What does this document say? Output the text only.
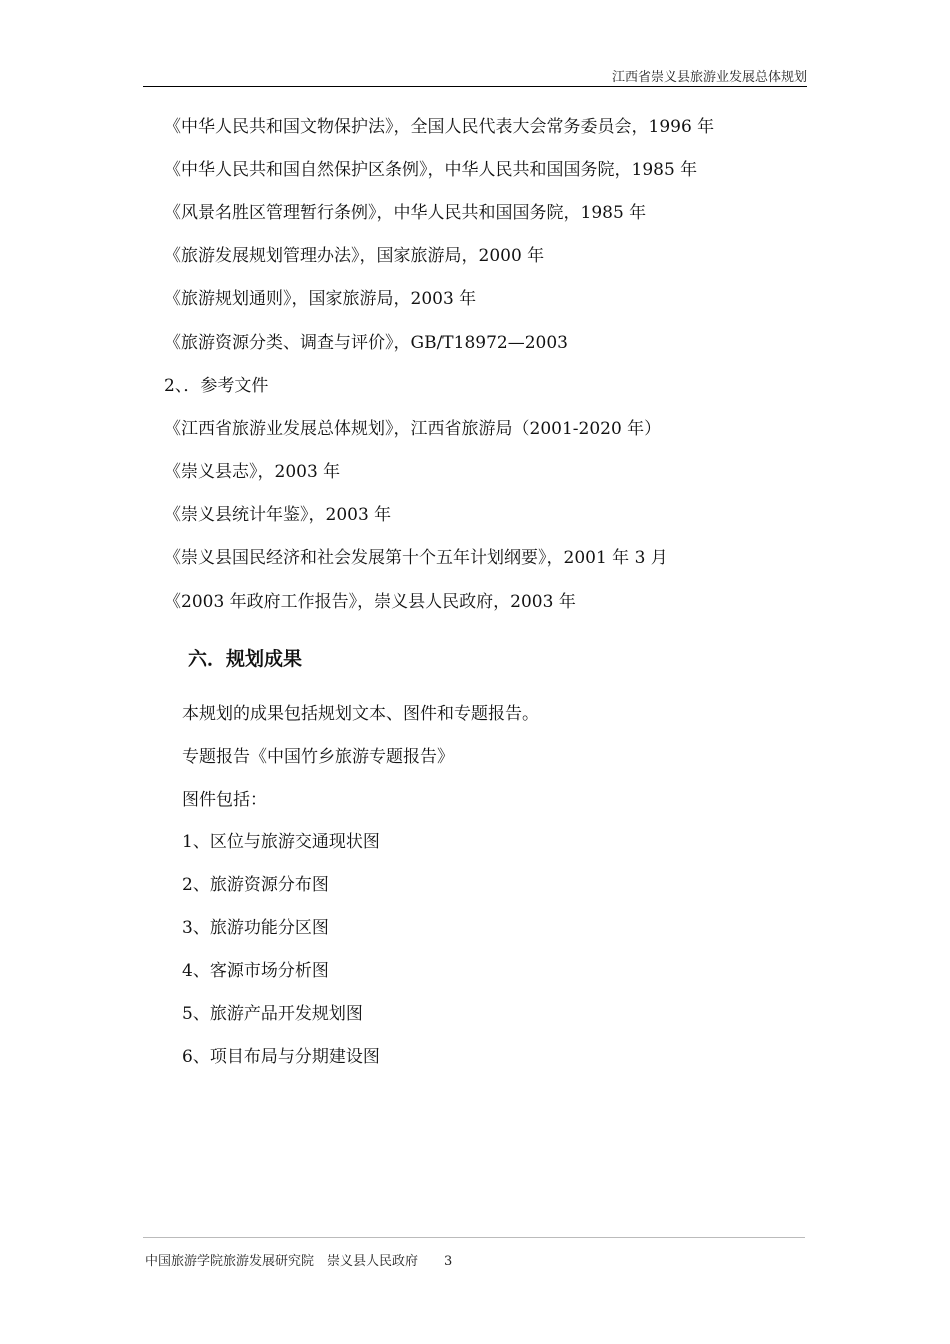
江西省崇义县旅游业发展总体规划
《中华人民共和国文物保护法》，全国人民代表大会常务委员会，1996 年
《中华人民共和国自然保护区条例》，中华人民共和国国务院，1985 年
《风景名胜区管理暂行条例》，中华人民共和国国务院，1985 年
《旅游发展规划管理办法》，国家旅游局，2000 年
《旅游规划通则》，国家旅游局，2003 年
《旅游资源分类、调查与评价》，GB/T18972—2003
2、．参考文件
《江西省旅游业发展总体规划》，江西省旅游局（2001-2020 年）
《崇义县志》，2003 年
《崇义县统计年鉴》，2003 年
《崇义县国民经济和社会发展第十个五年计划纲要》，2001 年 3 月
《2003 年政府工作报告》，崇义县人民政府，2003 年
六．规划成果
本规划的成果包括规划文本、图件和专题报告。
专题报告《中国竹乡旅游专题报告》
图件包括：
1、区位与旅游交通现状图
2、旅游资源分布图
3、旅游功能分区图
4、客源市场分析图
5、旅游产品开发规划图
6、项目布局与分期建设图
中国旅游学院旅游发展研究院　崇义县人民政府 3
